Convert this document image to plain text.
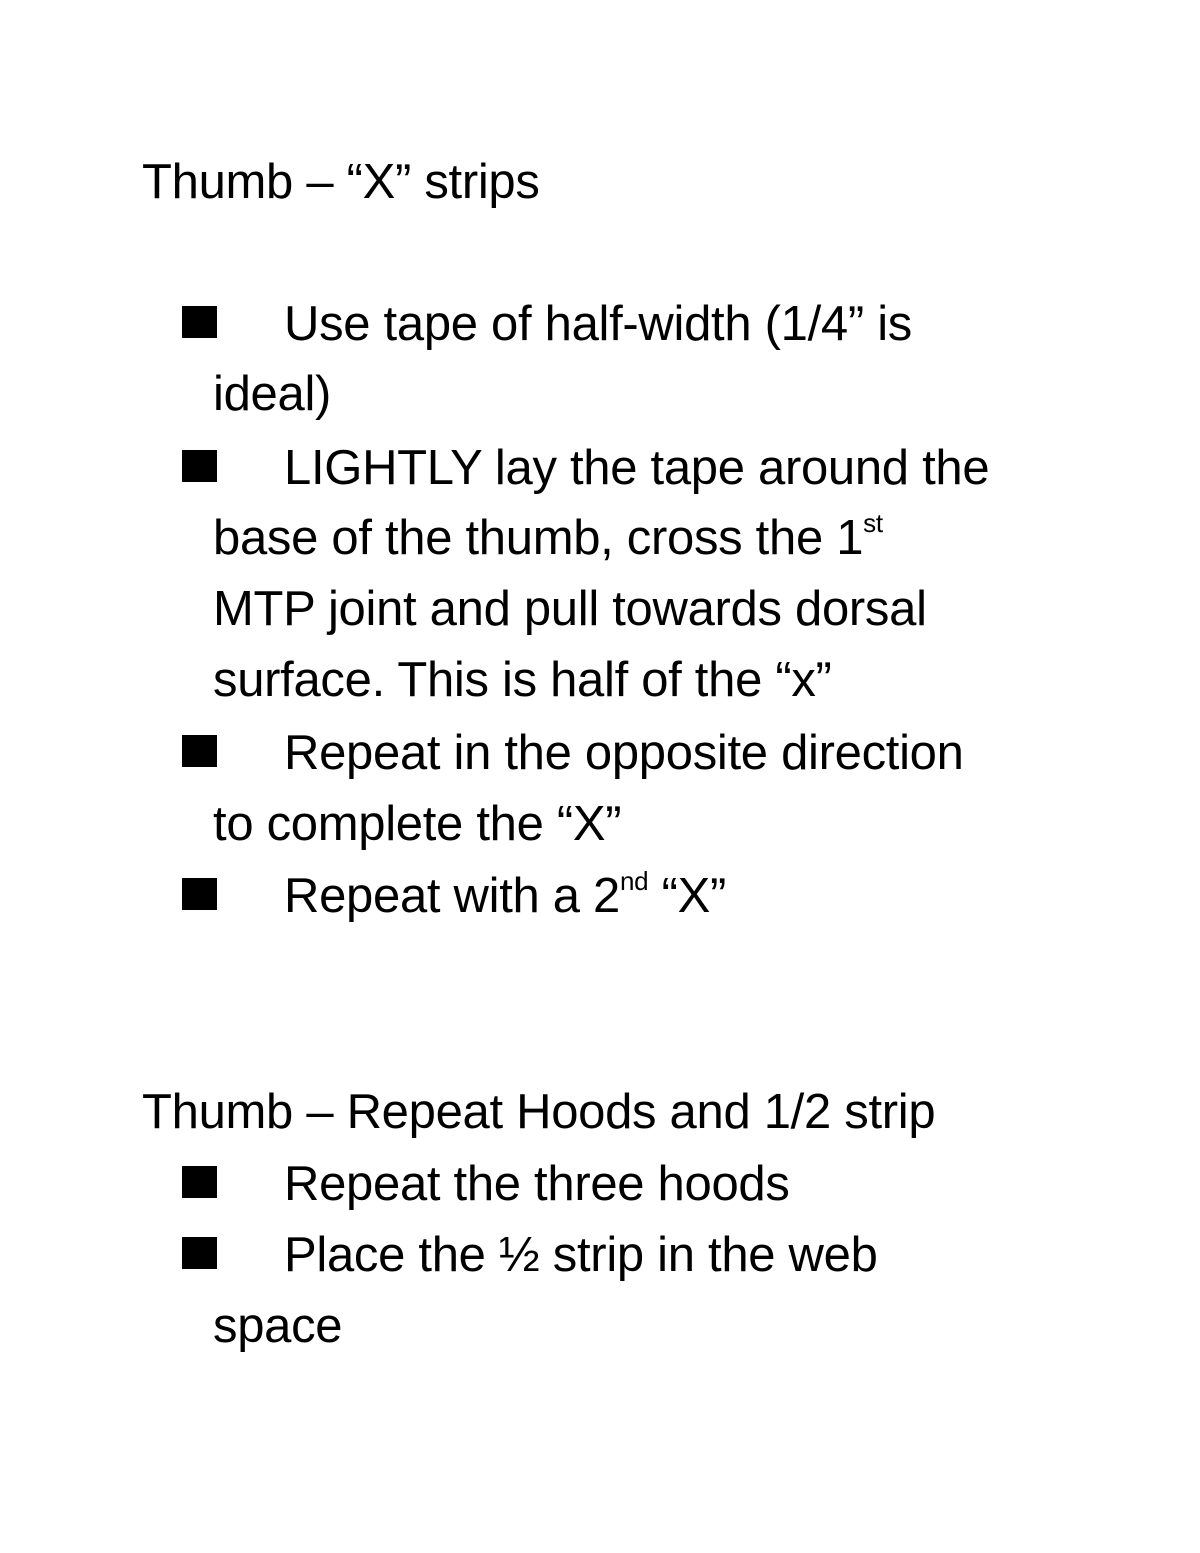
Thumb – “X” strips

Use tape of half-width (1/4” is

ideal)

LIGHTLY lay the tape around the

base of the thumb, cross the 1st

MTP joint and pull towards dorsal

surface. This is half of the “x”

Repeat in the opposite direction

to complete the “X”

Repeat with a 2nd “X”

Thumb – Repeat Hoods and 1/2 strip

Repeat the three hoods

Place the ½ strip in the web

space
